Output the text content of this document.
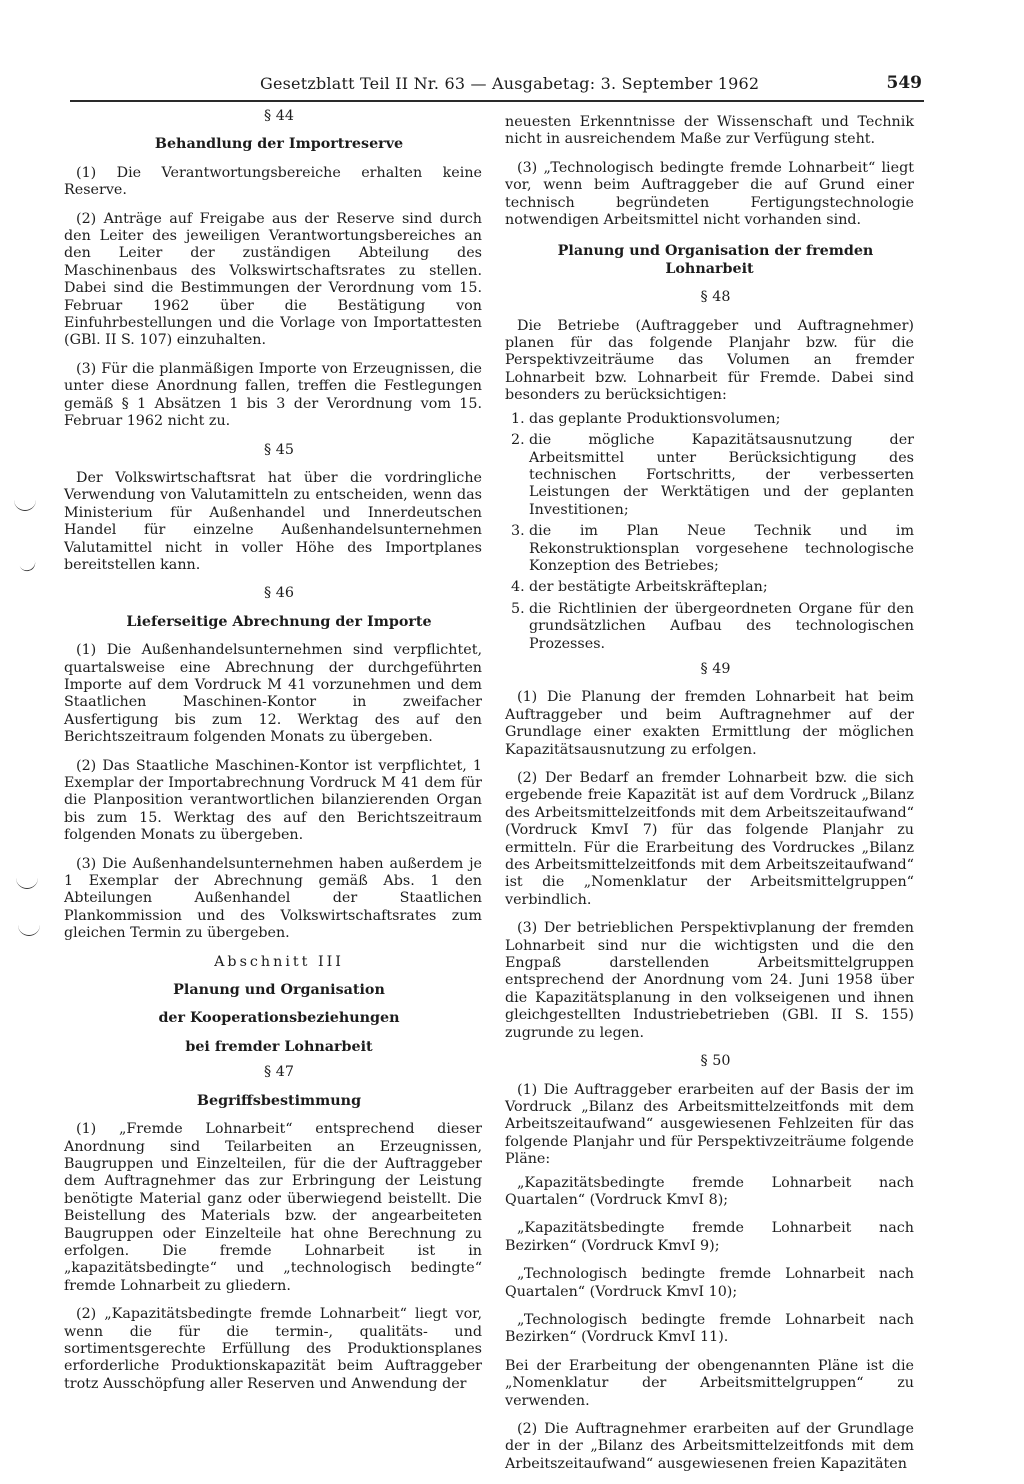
Gesetzblatt Teil II Nr. 63 — Ausgabetag: 3. September 1962	549

§ 44

Behandlung der Importreserve

(1) Die Verantwortungsbereiche erhalten keine Reserve.

(2) Anträge auf Freigabe aus der Reserve sind durch den Leiter des jeweiligen Verantwortungsbereiches an den Leiter der zuständigen Abteilung des Maschinenbaus des Volkswirtschaftsrates zu stellen. Dabei sind die Bestimmungen der Verordnung vom 15. Februar 1962 über die Bestätigung von Einfuhrbestellungen und die Vorlage von Importattesten (GBl. II S. 107) einzuhalten.

(3) Für die planmäßigen Importe von Erzeugnissen, die unter diese Anordnung fallen, treffen die Festlegungen gemäß § 1 Absätzen 1 bis 3 der Verordnung vom 15. Februar 1962 nicht zu.

§ 45

Der Volkswirtschaftsrat hat über die vordringliche Verwendung von Valutamitteln zu entscheiden, wenn das Ministerium für Außenhandel und Innerdeutschen Handel für einzelne Außenhandelsunternehmen Valutamittel nicht in voller Höhe des Importplanes bereitstellen kann.

§ 46

Lieferseitige Abrechnung der Importe

(1) Die Außenhandelsunternehmen sind verpflichtet, quartalsweise eine Abrechnung der durchgeführten Importe auf dem Vordruck M 41 vorzunehmen und dem Staatlichen Maschinen-Kontor in zweifacher Ausfertigung bis zum 12. Werktag des auf den Berichtszeitraum folgenden Monats zu übergeben.

(2) Das Staatliche Maschinen-Kontor ist verpflichtet, 1 Exemplar der Importabrechnung Vordruck M 41 dem für die Planposition verantwortlichen bilanzierenden Organ bis zum 15. Werktag des auf den Berichtszeitraum folgenden Monats zu übergeben.

(3) Die Außenhandelsunternehmen haben außerdem je 1 Exemplar der Abrechnung gemäß Abs. 1 den Abteilungen Außenhandel der Staatlichen Plankommission und des Volkswirtschaftsrates zum gleichen Termin zu übergeben.

Abschnitt III

Planung und Organisation

der Kooperationsbeziehungen

bei fremder Lohnarbeit

§ 47

Begriffsbestimmung

(1) „Fremde Lohnarbeit“ entsprechend dieser Anordnung sind Teilarbeiten an Erzeugnissen, Baugruppen und Einzelteilen, für die der Auftraggeber dem Auftragnehmer das zur Erbringung der Leistung benötigte Material ganz oder überwiegend beistellt. Die Beistellung des Materials bzw. der angearbeiteten Baugruppen oder Einzelteile hat ohne Berechnung zu erfolgen. Die fremde Lohnarbeit ist in „kapazitätsbedingte“ und „technologisch bedingte“ fremde Lohnarbeit zu gliedern.

(2) „Kapazitätsbedingte fremde Lohnarbeit“ liegt vor, wenn die für die termin-, qualitäts- und sortimentsgerechte Erfüllung des Produktionsplanes erforderliche Produktionskapazität beim Auftraggeber trotz Ausschöpfung aller Reserven und Anwendung der

neuesten Erkenntnisse der Wissenschaft und Technik nicht in ausreichendem Maße zur Verfügung steht.

(3) „Technologisch bedingte fremde Lohnarbeit“ liegt vor, wenn beim Auftraggeber die auf Grund einer technisch begründeten Fertigungstechnologie notwendigen Arbeitsmittel nicht vorhanden sind.

Planung und Organisation der fremden Lohnarbeit

§ 48

Die Betriebe (Auftraggeber und Auftragnehmer) planen für das folgende Planjahr bzw. für die Perspektivzeiträume das Volumen an fremder Lohnarbeit bzw. Lohnarbeit für Fremde. Dabei sind besonders zu berücksichtigen:

1. das geplante Produktionsvolumen;
2. die mögliche Kapazitätsausnutzung der Arbeitsmittel unter Berücksichtigung des technischen Fortschritts, der verbesserten Leistungen der Werktätigen und der geplanten Investitionen;
3. die im Plan Neue Technik und im Rekonstruktionsplan vorgesehene technologische Konzeption des Betriebes;
4. der bestätigte Arbeitskräfteplan;
5. die Richtlinien der übergeordneten Organe für den grundsätzlichen Aufbau des technologischen Prozesses.

§ 49

(1) Die Planung der fremden Lohnarbeit hat beim Auftraggeber und beim Auftragnehmer auf der Grundlage einer exakten Ermittlung der möglichen Kapazitätsausnutzung zu erfolgen.

(2) Der Bedarf an fremder Lohnarbeit bzw. die sich ergebende freie Kapazität ist auf dem Vordruck „Bilanz des Arbeitsmittelzeitfonds mit dem Arbeitszeitaufwand“ (Vordruck KmvI 7) für das folgende Planjahr zu ermitteln. Für die Erarbeitung des Vordruckes „Bilanz des Arbeitsmittelzeitfonds mit dem Arbeitszeitaufwand“ ist die „Nomenklatur der Arbeitsmittelgruppen“ verbindlich.

(3) Der betrieblichen Perspektivplanung der fremden Lohnarbeit sind nur die wichtigsten und die den Engpaß darstellenden Arbeitsmittelgruppen entsprechend der Anordnung vom 24. Juni 1958 über die Kapazitätsplanung in den volkseigenen und ihnen gleichgestellten Industriebetrieben (GBl. II S. 155) zugrunde zu legen.

§ 50

(1) Die Auftraggeber erarbeiten auf der Basis der im Vordruck „Bilanz des Arbeitsmittelzeitfonds mit dem Arbeitszeitaufwand“ ausgewiesenen Fehlzeiten für das folgende Planjahr und für Perspektivzeiträume folgende Pläne:

„Kapazitätsbedingte fremde Lohnarbeit nach Quartalen“ (Vordruck KmvI 8);

„Kapazitätsbedingte fremde Lohnarbeit nach Bezirken“ (Vordruck KmvI 9);

„Technologisch bedingte fremde Lohnarbeit nach Quartalen“ (Vordruck KmvI 10);

„Technologisch bedingte fremde Lohnarbeit nach Bezirken“ (Vordruck KmvI 11).

Bei der Erarbeitung der obengenannten Pläne ist die „Nomenklatur der Arbeitsmittelgruppen“ zu verwenden.

(2) Die Auftragnehmer erarbeiten auf der Grundlage der in der „Bilanz des Arbeitsmittelzeitfonds mit dem Arbeitszeitaufwand“ ausgewiesenen freien Kapazitäten
